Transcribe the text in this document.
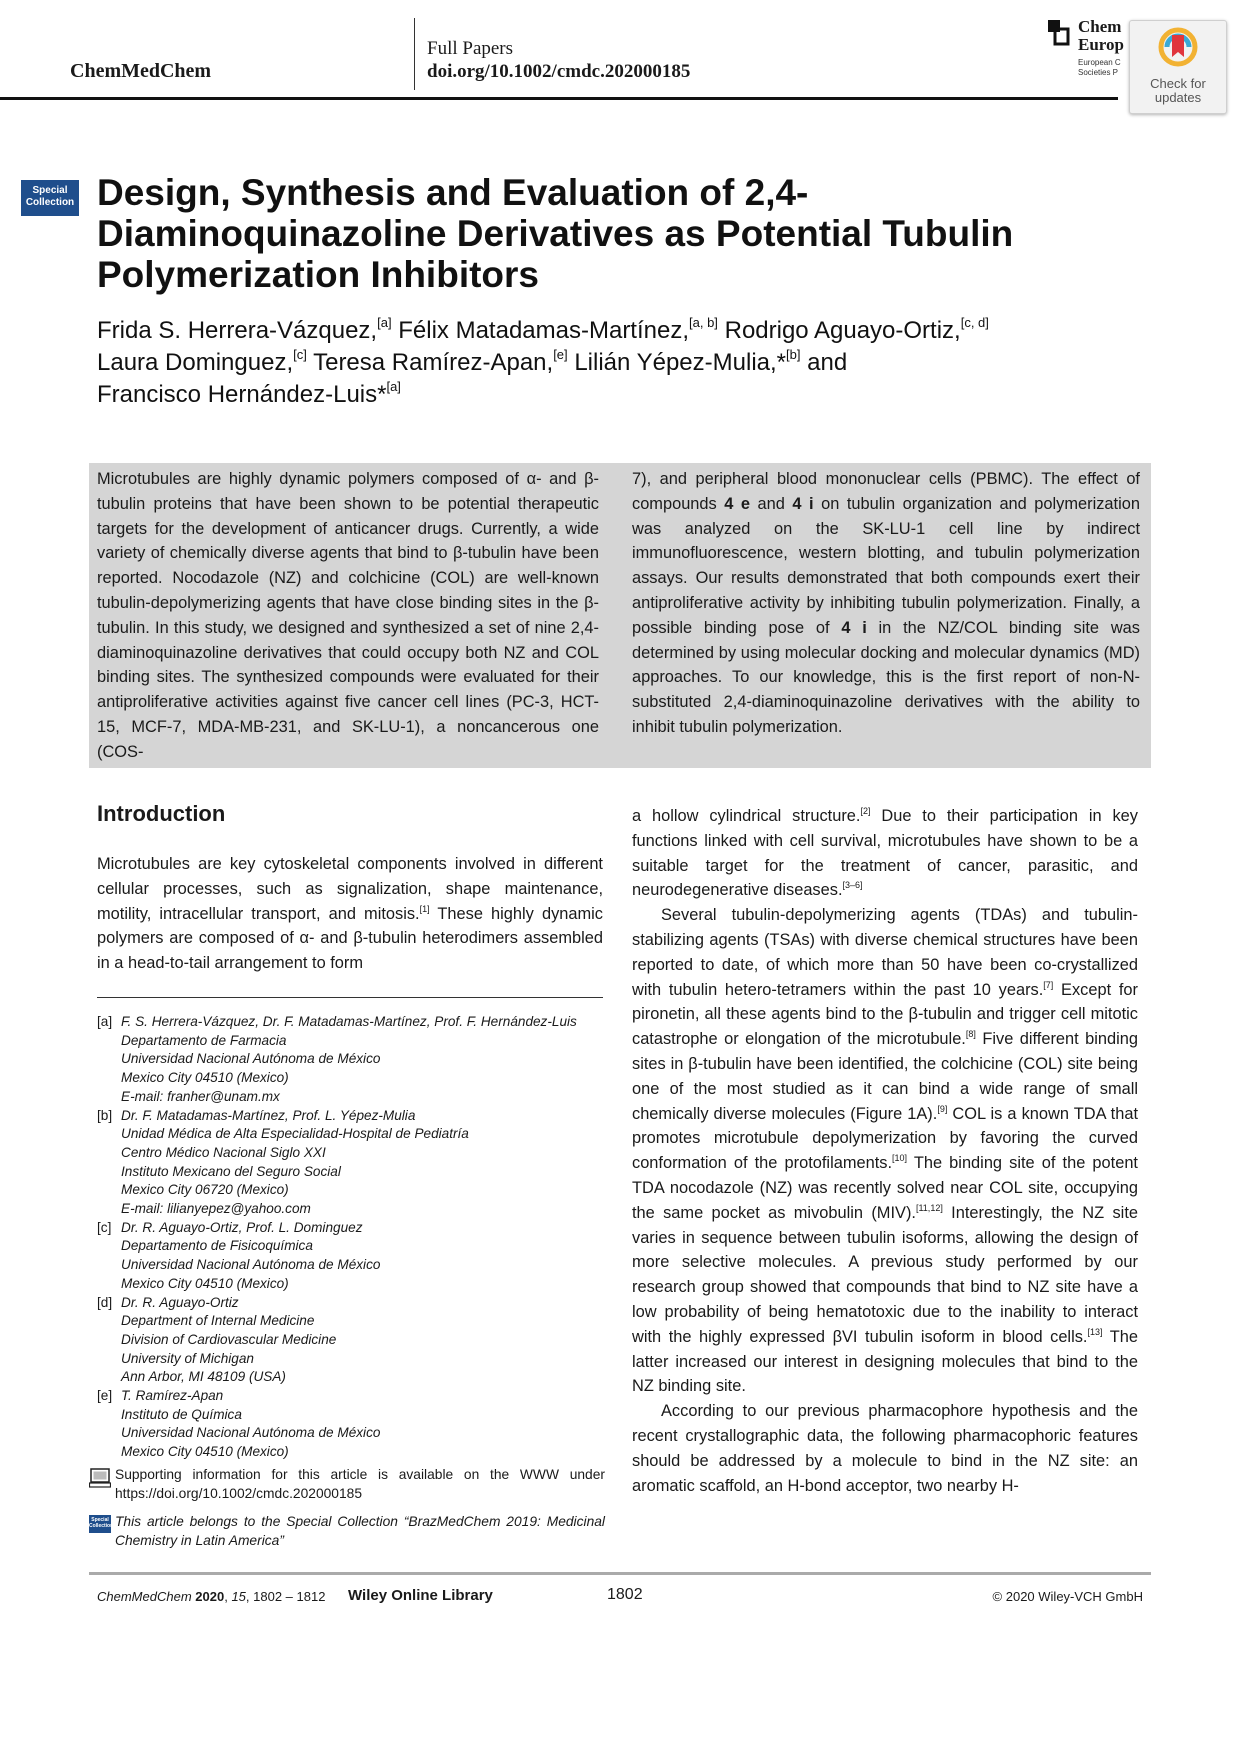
ChemMedChem
Full Papers
doi.org/10.1002/cmdc.202000185
Chem
Europ
European C
Societies P
Check for
updates
Special
Collection Design, Synthesis and Evaluation of 2,4-Diaminoquinazoline Derivatives as Potential Tubulin Polymerization Inhibitors
Frida S. Herrera-Vázquez,[a] Félix Matadamas-Martínez,[a, b] Rodrigo Aguayo-Ortiz,[c, d]
Laura Dominguez,[c] Teresa Ramírez-Apan,[e] Lilián Yépez-Mulia,*[b] and
Francisco Hernández-Luis*[a]
Microtubules are highly dynamic polymers composed of α- and β-tubulin proteins that have been shown to be potential therapeutic targets for the development of anticancer drugs. Currently, a wide variety of chemically diverse agents that bind to β-tubulin have been reported. Nocodazole (NZ) and colchicine (COL) are well-known tubulin-depolymerizing agents that have close binding sites in the β-tubulin. In this study, we designed and synthesized a set of nine 2,4-diaminoquinazoline derivatives that could occupy both NZ and COL binding sites. The synthesized compounds were evaluated for their antiproliferative activities against five cancer cell lines (PC-3, HCT-15, MCF-7, MDA-MB-231, and SK-LU-1), a noncancerous one (COS-
7), and peripheral blood mononuclear cells (PBMC). The effect of compounds 4 e and 4 i on tubulin organization and polymerization was analyzed on the SK-LU-1 cell line by indirect immunofluorescence, western blotting, and tubulin polymerization assays. Our results demonstrated that both compounds exert their antiproliferative activity by inhibiting tubulin polymerization. Finally, a possible binding pose of 4 i in the NZ/COL binding site was determined by using molecular docking and molecular dynamics (MD) approaches. To our knowledge, this is the first report of non-N-substituted 2,4-diaminoquinazoline derivatives with the ability to inhibit tubulin polymerization.
Introduction

Microtubules are key cytoskeletal components involved in different cellular processes, such as signalization, shape maintenance, motility, intracellular transport, and mitosis.[1] These highly dynamic polymers are composed of α- and β-tubulin heterodimers assembled in a head-to-tail arrangement to form

[a] F. S. Herrera-Vázquez, Dr. F. Matadamas-Martínez, Prof. F. Hernández-Luis
Departamento de Farmacia
Universidad Nacional Autónoma de México
Mexico City 04510 (Mexico)
E-mail: franher@unam.mx
[b] Dr. F. Matadamas-Martínez, Prof. L. Yépez-Mulia
Unidad Médica de Alta Especialidad-Hospital de Pediatría
Centro Médico Nacional Siglo XXI
Instituto Mexicano del Seguro Social
Mexico City 06720 (Mexico)
E-mail: lilianyepez@yahoo.com
[c] Dr. R. Aguayo-Ortiz, Prof. L. Dominguez
Departamento de Fisicoquímica
Universidad Nacional Autónoma de México
Mexico City 04510 (Mexico)
[d] Dr. R. Aguayo-Ortiz
Department of Internal Medicine
Division of Cardiovascular Medicine
University of Michigan
Ann Arbor, MI 48109 (USA)
[e] T. Ramírez-Apan
Instituto de Química
Universidad Nacional Autónoma de México
Mexico City 04510 (Mexico)
Supporting information for this article is available on the WWW under https://doi.org/10.1002/cmdc.202000185
Special
Collection This article belongs to the Special Collection “BrazMedChem 2019: Medicinal Chemistry in Latin America”

a hollow cylindrical structure.[2] Due to their participation in key functions linked with cell survival, microtubules have shown to be a suitable target for the treatment of cancer, parasitic, and neurodegenerative diseases.[3–6]

Several tubulin-depolymerizing agents (TDAs) and tubulin-stabilizing agents (TSAs) with diverse chemical structures have been reported to date, of which more than 50 have been co-crystallized with tubulin hetero-tetramers within the past 10 years.[7] Except for pironetin, all these agents bind to the β-tubulin and trigger cell mitotic catastrophe or elongation of the microtubule.[8] Five different binding sites in β-tubulin have been identified, the colchicine (COL) site being one of the most studied as it can bind a wide range of small chemically diverse molecules (Figure 1A).[9] COL is a known TDA that promotes microtubule depolymerization by favoring the curved conformation of the protofilaments.[10] The binding site of the potent TDA nocodazole (NZ) was recently solved near COL site, occupying the same pocket as mivobulin (MIV).[11,12] Interestingly, the NZ site varies in sequence between tubulin isoforms, allowing the design of more selective molecules. A previous study performed by our research group showed that compounds that bind to NZ site have a low probability of being hematotoxic due to the inability to interact with the highly expressed βVI tubulin isoform in blood cells.[13] The latter increased our interest in designing molecules that bind to the NZ binding site.

According to our previous pharmacophore hypothesis and the recent crystallographic data, the following pharmacophoric features should be addressed by a molecule to bind in the NZ site: an aromatic scaffold, an H-bond acceptor, two nearby H-

ChemMedChem 2020, 15, 1802 – 1812 Wiley Online Library	1802	© 2020 Wiley-VCH GmbH
